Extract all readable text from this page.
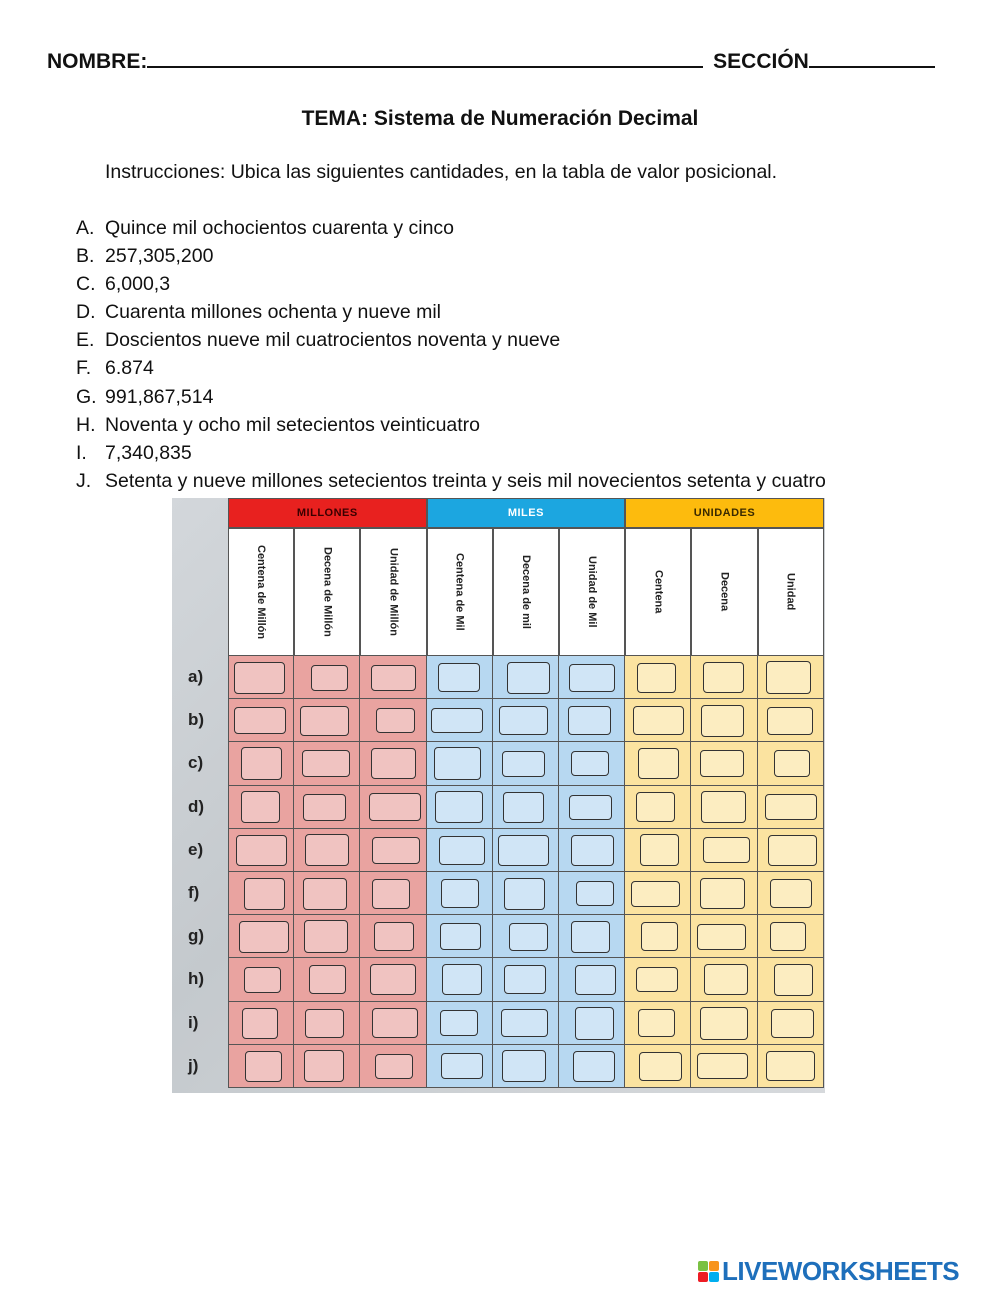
NOMBRE:	SECCIÓN
TEMA: Sistema de Numeración Decimal
Instrucciones: Ubica las siguientes cantidades, en la tabla de valor posicional.
A. Quince mil ochocientos cuarenta y cinco
B. 257,305,200
C. 6,000,3
D. Cuarenta millones ochenta y nueve mil
E. Doscientos nueve mil cuatrocientos noventa y nueve
F. 6.874
G. 991,867,514
H. Noventa y ocho mil setecientos veinticuatro
I. 7,340,835
J. Setenta y nueve millones setecientos treinta y seis mil novecientos setenta y cuatro
a)
b)
c)
d)
e)
f)
g)
h)
i)
j)
MILLONES	MILES	UNIDADES
Centena de Millón	Decena de Millón	Unidad de Millón	Centena de Mil	Decena de mil	Unidad de Mil	Centena	Decena	Unidad
LIVEWORKSHEETS
